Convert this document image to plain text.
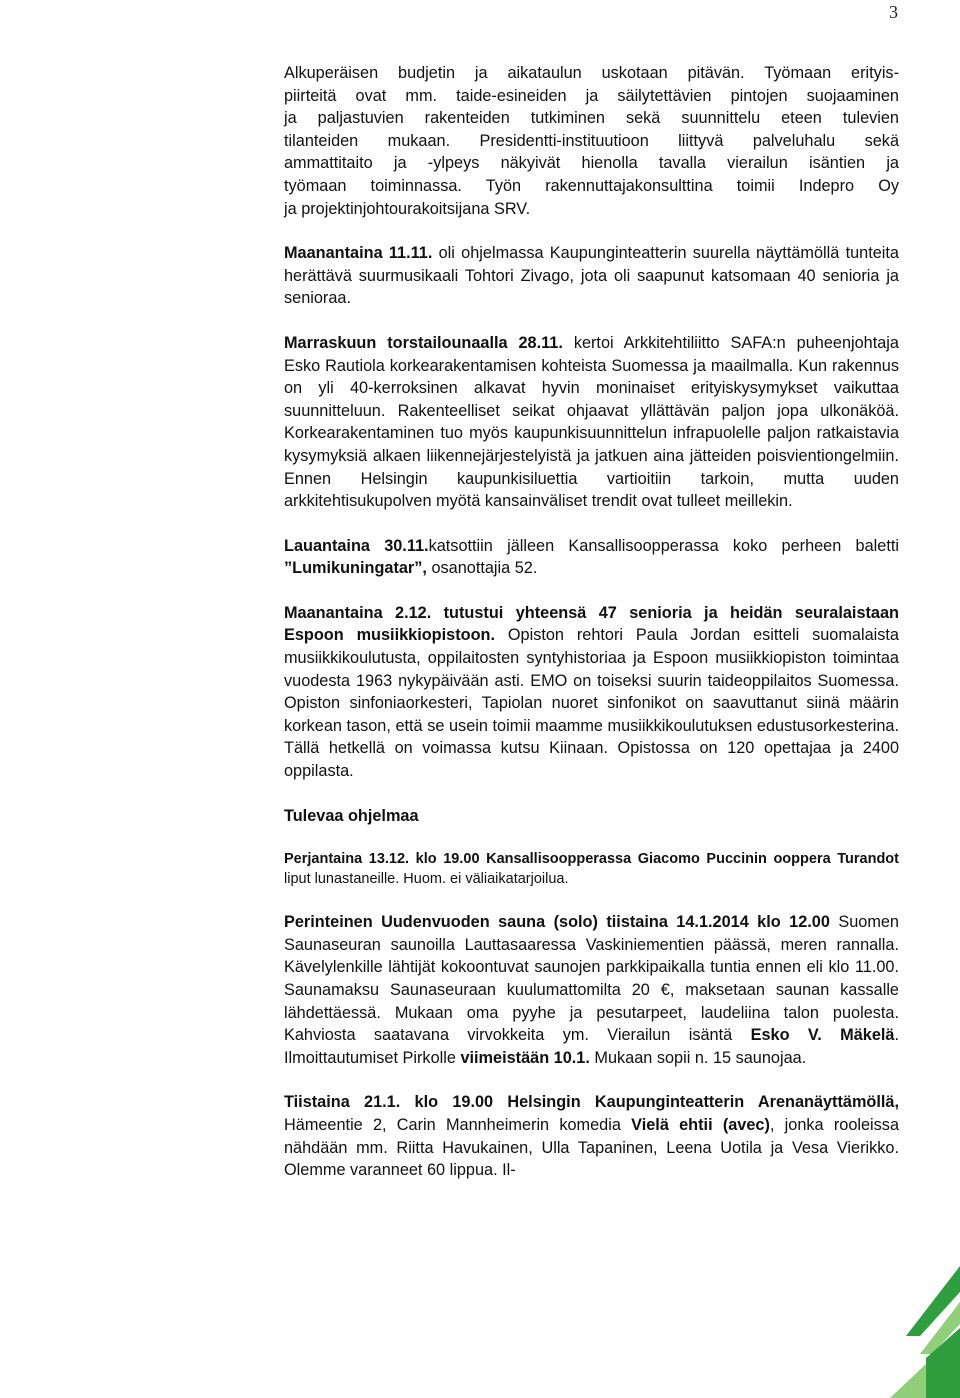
3

Alkuperäisen budjetin ja aikataulun uskotaan pitävän. Työmaan erityis-
piirteitä ovat mm. taide-esineiden ja säilytettävien pintojen suojaaminen
ja paljastuvien rakenteiden tutkiminen sekä suunnittelu eteen tulevien
tilanteiden mukaan. Presidentti-instituutioon liittyvä palveluhalu sekä
ammattitaito ja -ylpeys näkyivät hienolla tavalla vierailun isäntien ja
työmaan toiminnassa. Työn rakennuttajakonsulttina toimii Indepro Oy
ja projektinjohtourakoitsijana SRV.

Maanantaina 11.11. oli ohjelmassa Kaupunginteatterin suurella näyttämöllä tunteita herättävä suurmusikaali Tohtori Zivago, jota oli saapunut katsomaan 40 senioria ja senioraa.

Marraskuun torstailounaalla 28.11. kertoi Arkkitehtiliitto SAFA:n puheenjohtaja Esko Rautiola korkearakentamisen kohteista Suomessa ja maailmalla. Kun rakennus on yli 40-kerroksinen alkavat hyvin moninaiset erityiskysymykset vaikuttaa suunnitteluun. Rakenteelliset seikat ohjaavat yllättävän paljon jopa ulkonäköä. Korkearakentaminen tuo myös kaupunkisuunnittelun infrapuolelle paljon ratkaistavia kysymyksiä alkaen liikennejärjestelyistä ja jatkuen aina jätteiden poisvientiongelmiin. Ennen Helsingin kaupunkisiluettia vartioitiin tarkoin, mutta uuden arkkitehtisukupolven myötä kansainväliset trendit ovat tulleet meillekin.

Lauantaina 30.11.katsottiin jälleen Kansallisoopperassa koko perheen baletti ”Lumikuningatar”, osanottajia 52.

Maanantaina 2.12. tutustui yhteensä 47 senioria ja heidän seuralaistaan Espoon musiikkiopistoon. Opiston rehtori Paula Jordan esitteli suomalaista musiikkikoulutusta, oppilaitosten syntyhistoriaa ja Espoon musiikkiopiston toimintaa vuodesta 1963 nykypäivään asti. EMO on toiseksi suurin taideoppilaitos Suomessa. Opiston sinfoniaorkesteri, Tapiolan nuoret sinfonikot on saavuttanut siinä määrin korkean tason, että se usein toimii maamme musiikkikoulutuksen edustusorkesterina. Tällä hetkellä on voimassa kutsu Kiinaan. Opistossa on 120 opettajaa ja 2400 oppilasta.

Tulevaa ohjelmaa

Perjantaina 13.12. klo 19.00 Kansallisoopperassa Giacomo Puccinin ooppera Turandot liput lunastaneille. Huom. ei väliaikatarjoilua.

Perinteinen Uudenvuoden sauna (solo) tiistaina 14.1.2014 klo 12.00 Suomen Saunaseuran saunoilla Lauttasaaressa Vaskiniementien päässä, meren rannalla. Kävelylenkille lähtijät kokoontuvat saunojen parkkipaikalla tuntia ennen eli klo 11.00. Saunamaksu Saunaseuraan kuulumattomilta 20 €, maksetaan saunan kassalle lähdettäessä. Mukaan oma pyyhe ja pesutarpeet, laudeliina talon puolesta. Kahviosta saatavana virvokkeita ym. Vierailun isäntä Esko V. Mäkelä. Ilmoittautumiset Pirkolle viimeistään 10.1. Mukaan sopii n. 15 saunojaa.

Tiistaina 21.1. klo 19.00 Helsingin Kaupunginteatterin Arenanäyttämöllä, Hämeentie 2, Carin Mannheimerin komedia Vielä ehtii (avec), jonka rooleissa nähdään mm. Riitta Havukainen, Ulla Tapaninen, Leena Uotila ja Vesa Vierikko. Olemme varanneet 60 lippua. Il-
